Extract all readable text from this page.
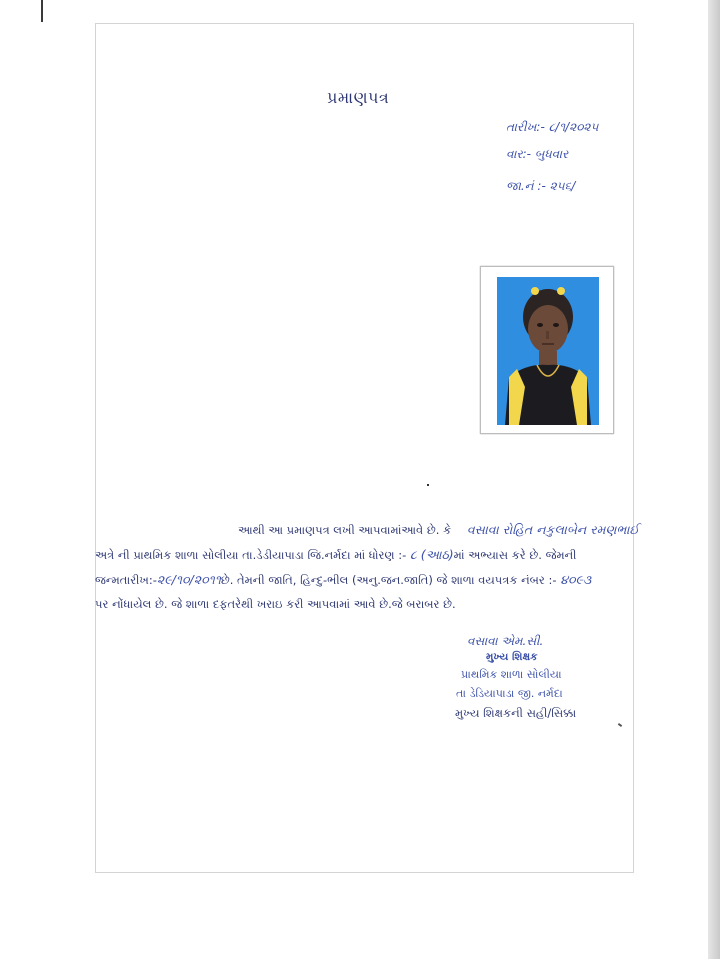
પ્રમાણપત્ર
તારીખ:- ૮/૧/૨૦૨૫
વાર:- બુધવાર
જા.નં :- ૨૫૬/
આથી આ પ્રમાણપત્ર લખી આપવામાંઆવે છે. કે વસાવા રોહિત નકુલાબેન રમણભાઈ
અત્રે ની પ્રાથમિક શાળા સોલીયા તા.ડેડીયાપાડા જિ.નર્મદા માં ધોરણ :- ૮ (આઠ)માં અભ્યાસ કરે છે. જેમની
જન્મતારીખ:-૨૯/૧૦/૨૦૧૧છે. તેમની જાતિ, હિન્દુ-ભીલ (અનુ.જન.જાતિ) જે શાળા વયપત્રક નંબર :- ૪૦૯૩
પર નોંધાયેલ છે. જે શાળા દફતરેથી ખરાઇ કરી આપવામાં આવે છે.જે બરાબર છે.
વસાવા એમ.સી.
મુખ્ય શિક્ષક
પ્રાથમિક શાળા સોલીયા
તા ડેડિયાપાડા જી. નર્મદા
મુખ્ય શિક્ષકની સહી/સિક્કા
